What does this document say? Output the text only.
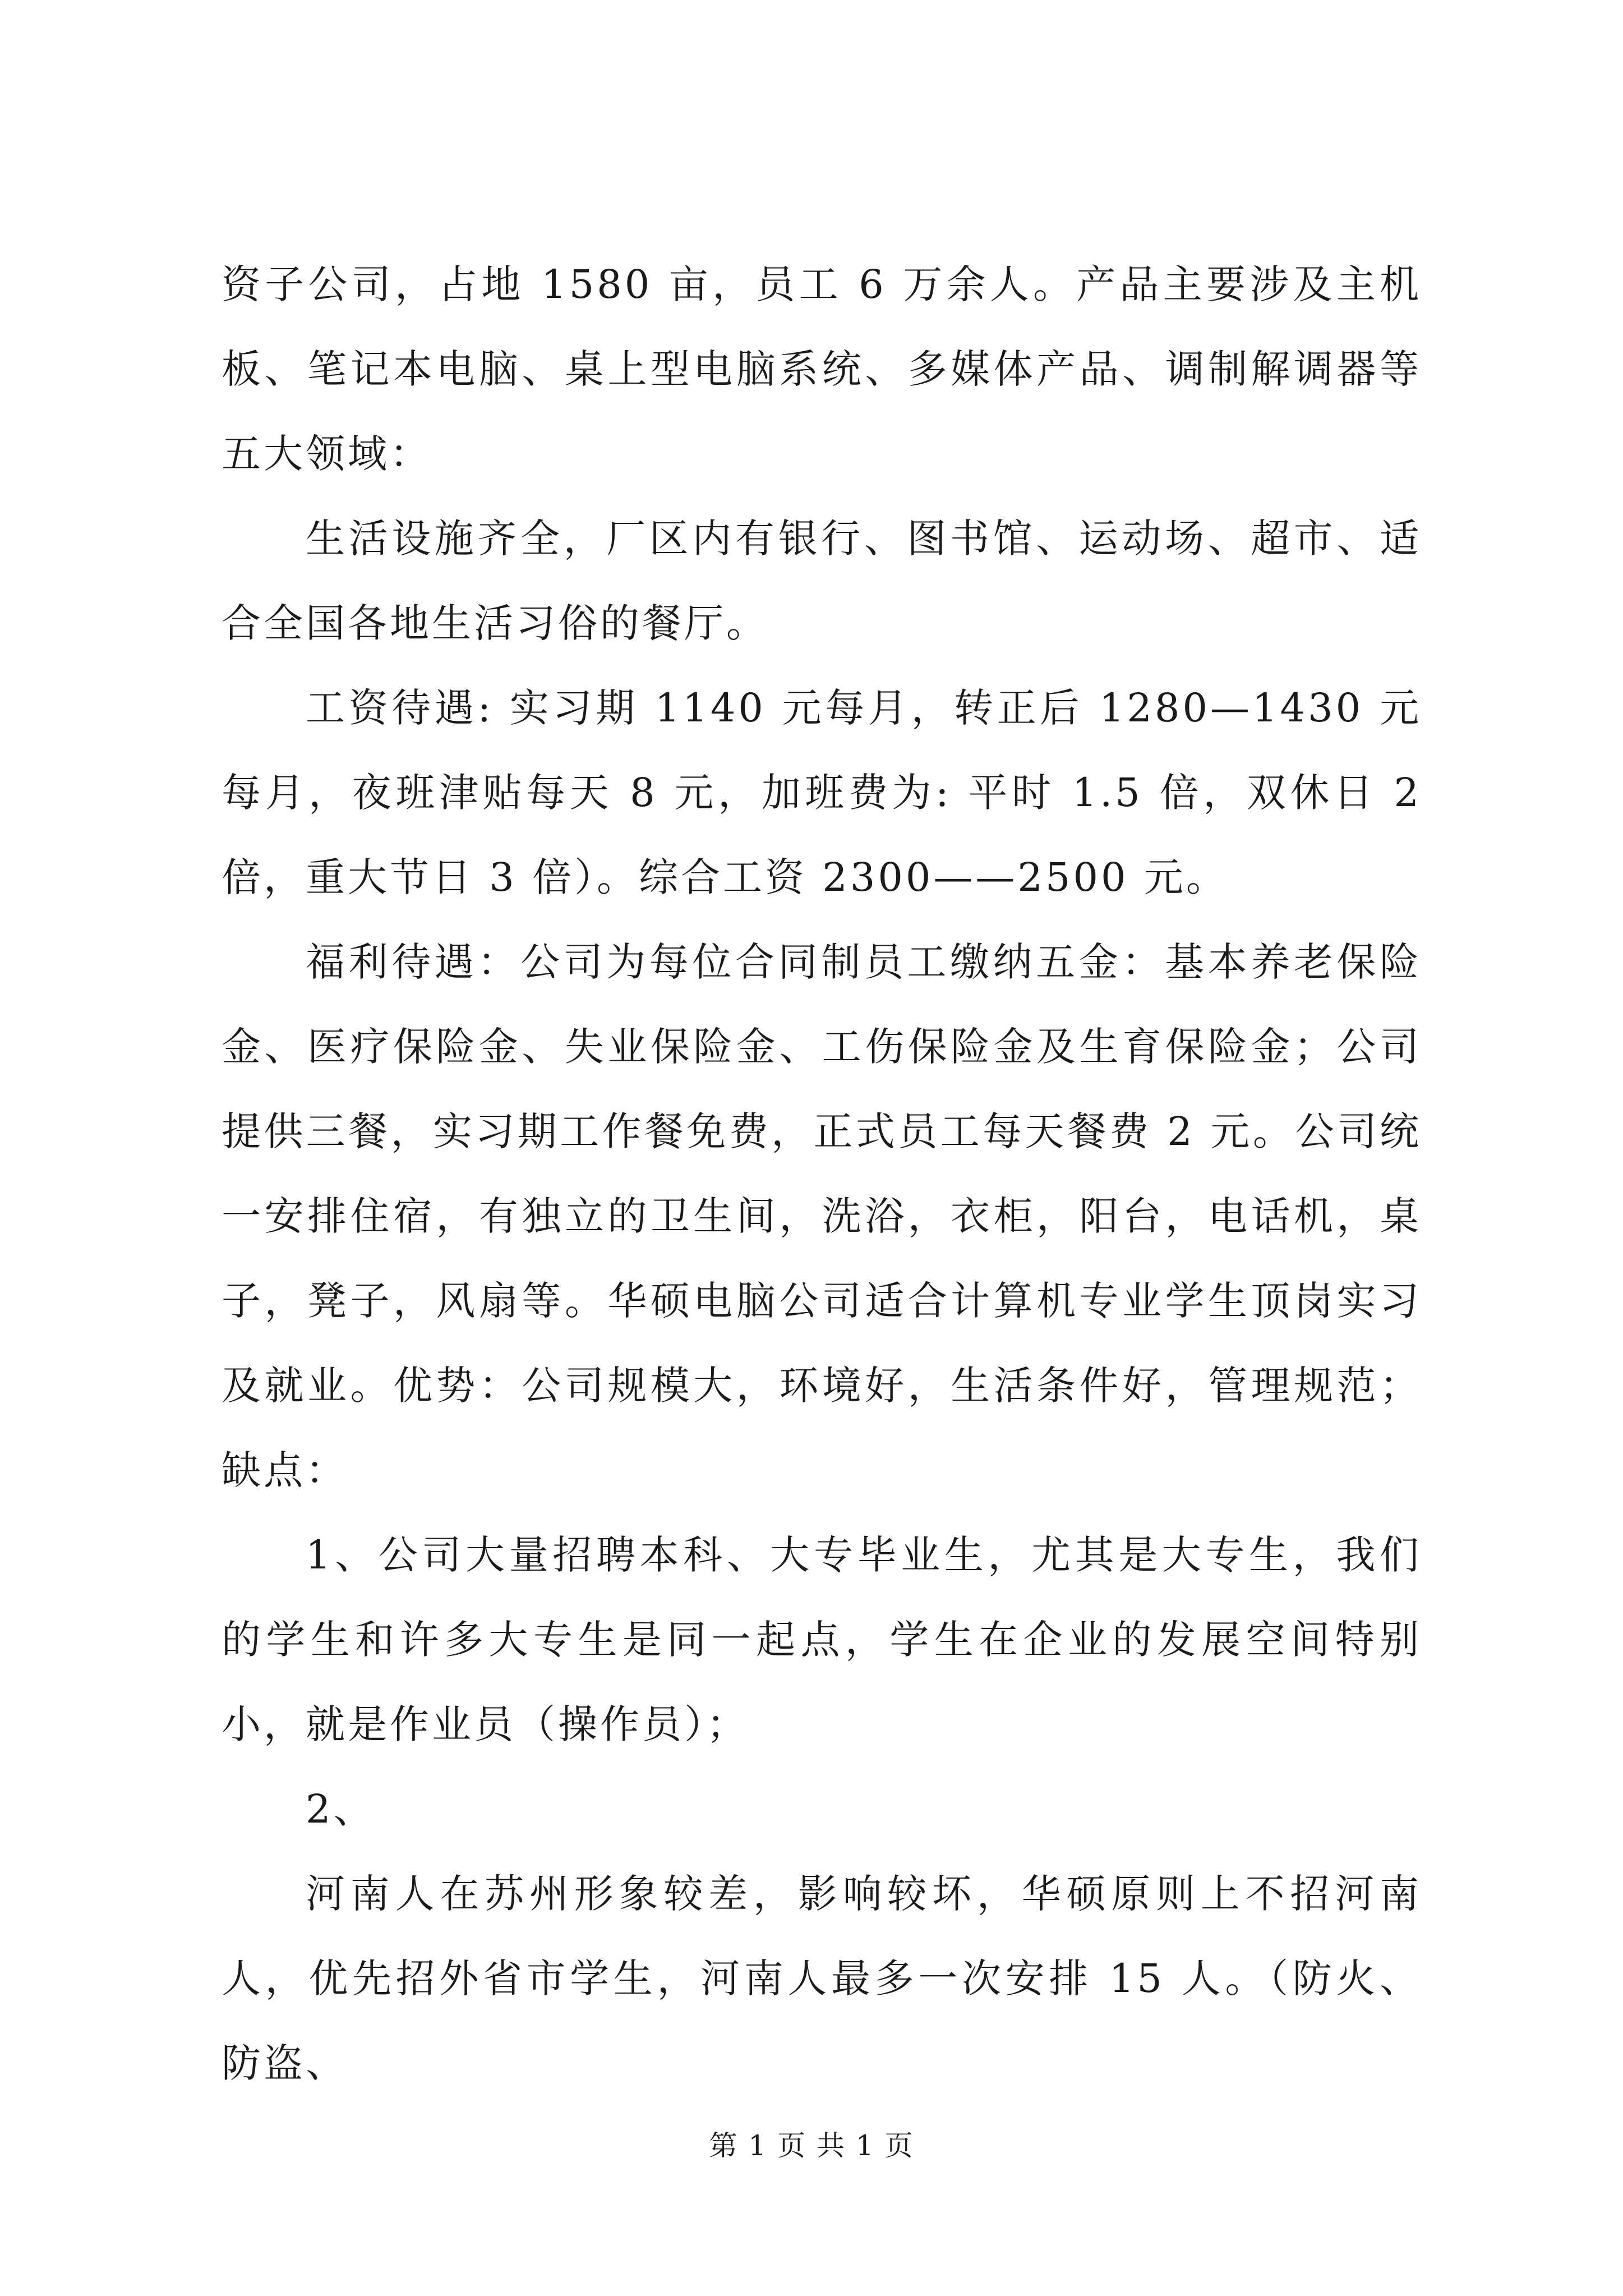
资子公司，占地 1580 亩，员工 6 万余人。产品主要涉及主机板、笔记本电脑、桌上型电脑系统、多媒体产品、调制解调器等五大领域：

生活设施齐全，厂区内有银行、图书馆、运动场、超市、适合全国各地生活习俗的餐厅。

工资待遇: 实习期 1140 元每月，转正后 1280—1430 元每月，夜班津贴每天 8 元，加班费为: 平时 1.5 倍，双休日 2 倍，重大节日 3 倍）。综合工资 2300——2500 元。

福利待遇：公司为每位合同制员工缴纳五金：基本养老保险金、医疗保险金、失业保险金、工伤保险金及生育保险金；公司提供三餐，实习期工作餐免费，正式员工每天餐费 2 元。公司统一安排住宿，有独立的卫生间，洗浴，衣柜，阳台，电话机，桌子，凳子，风扇等。华硕电脑公司适合计算机专业学生顶岗实习及就业。优势：公司规模大，环境好，生活条件好，管理规范；缺点：

1、公司大量招聘本科、大专毕业生，尤其是大专生，我们的学生和许多大专生是同一起点，学生在企业的发展空间特别小，就是作业员（操作员）；

2、

河南人在苏州形象较差，影响较坏，华硕原则上不招河南人，优先招外省市学生，河南人最多一次安排 15 人。（防火、防盗、

第 1 页 共 1 页
